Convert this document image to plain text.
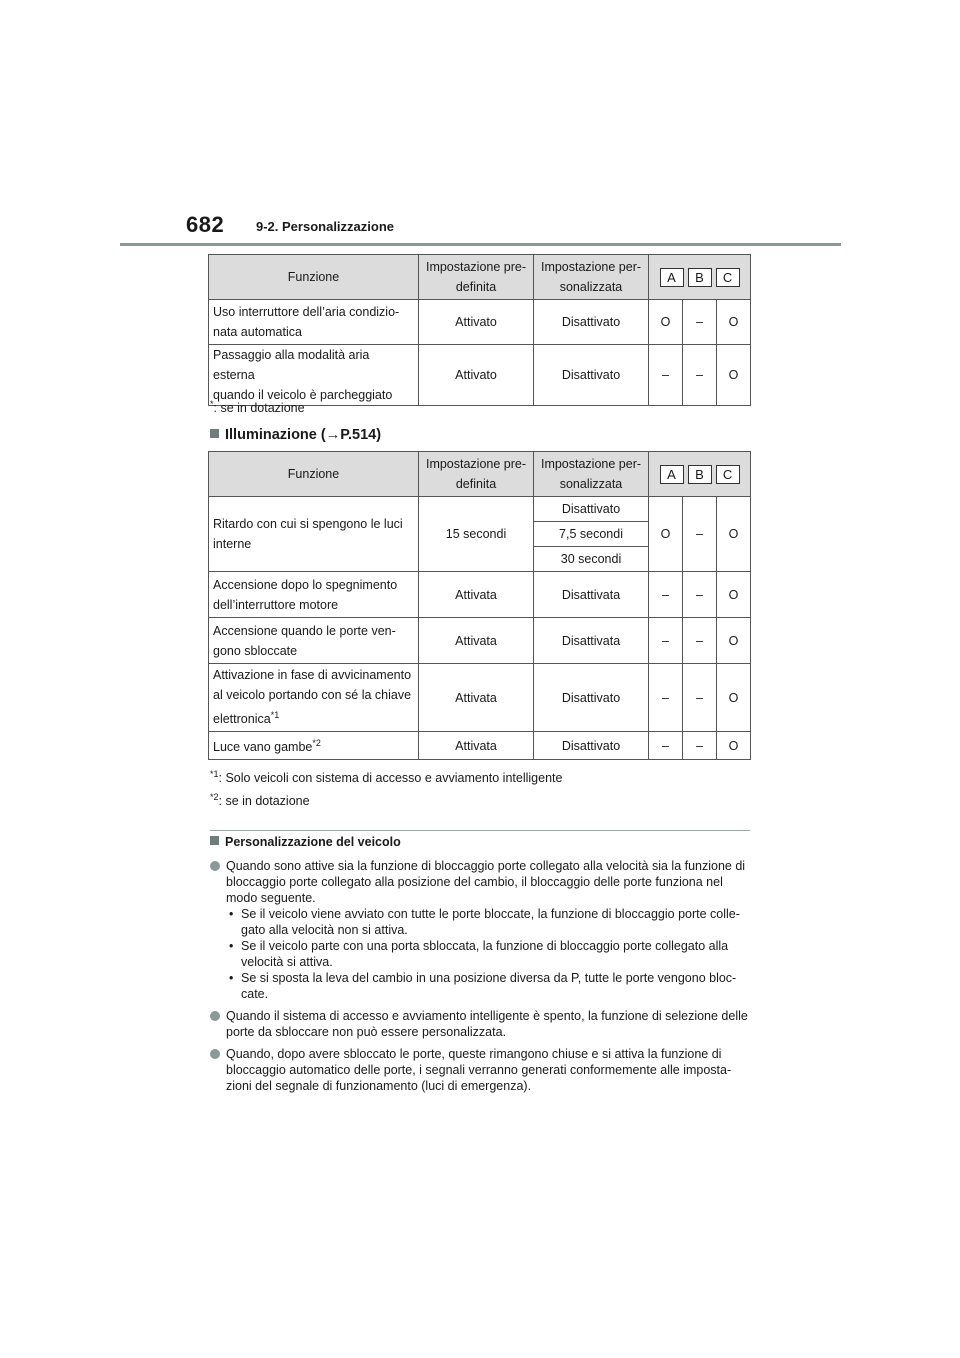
682 9-2. Personalizzazione
Funzione	Impostazione pre-
definita	Impostazione per-
sonalizzata	A B C		

Uso interruttore dell’aria condizio-
nata automatica	Attivato	Disattivato	O	–	O
Passaggio alla modalità aria esterna
quando il veicolo è parcheggiato	Attivato	Disattivato	–	–	O
*: se in dotazione
Illuminazione (→P.514)
Funzione	Impostazione pre-
definita	Impostazione per-
sonalizzata	A B C		

Ritardo con cui si spengono le luci
interne	15 secondi	Disattivato	O	–	O
		7,5 secondi			
		30 secondi			
Accensione dopo lo spegnimento
dell’interruttore motore	Attivata	Disattivata	–	–	O
Accensione quando le porte ven-
gono sbloccate	Attivata	Disattivata	–	–	O
Attivazione in fase di avvicinamento
al veicolo portando con sé la chiave
elettronica$^{*1}$	Attivata	Disattivato	–	–	O
Luce vano gambe$^{*2}$	Attivata	Disattivato	–	–	O
$^{*1}$: Solo veicoli con sistema di accesso e avviamento intelligente
$^{*2}$: se in dotazione
Personalizzazione del veicolo
Quando sono attive sia la funzione di bloccaggio porte collegato alla velocità sia la funzione di bloccaggio porte collegato alla posizione del cambio, il bloccaggio delle porte funziona nel modo seguente.
• Se il veicolo viene avviato con tutte le porte bloccate, la funzione di bloccaggio porte colle-gato alla velocità non si attiva.
• Se il veicolo parte con una porta sbloccata, la funzione di bloccaggio porte collegato alla velocità si attiva.
• Se si sposta la leva del cambio in una posizione diversa da P, tutte le porte vengono bloc-cate.
Quando il sistema di accesso e avviamento intelligente è spento, la funzione di selezione delle porte da sbloccare non può essere personalizzata.
Quando, dopo avere sbloccato le porte, queste rimangono chiuse e si attiva la funzione di bloccaggio automatico delle porte, i segnali verranno generati conformemente alle imposta-zioni del segnale di funzionamento (luci di emergenza).
